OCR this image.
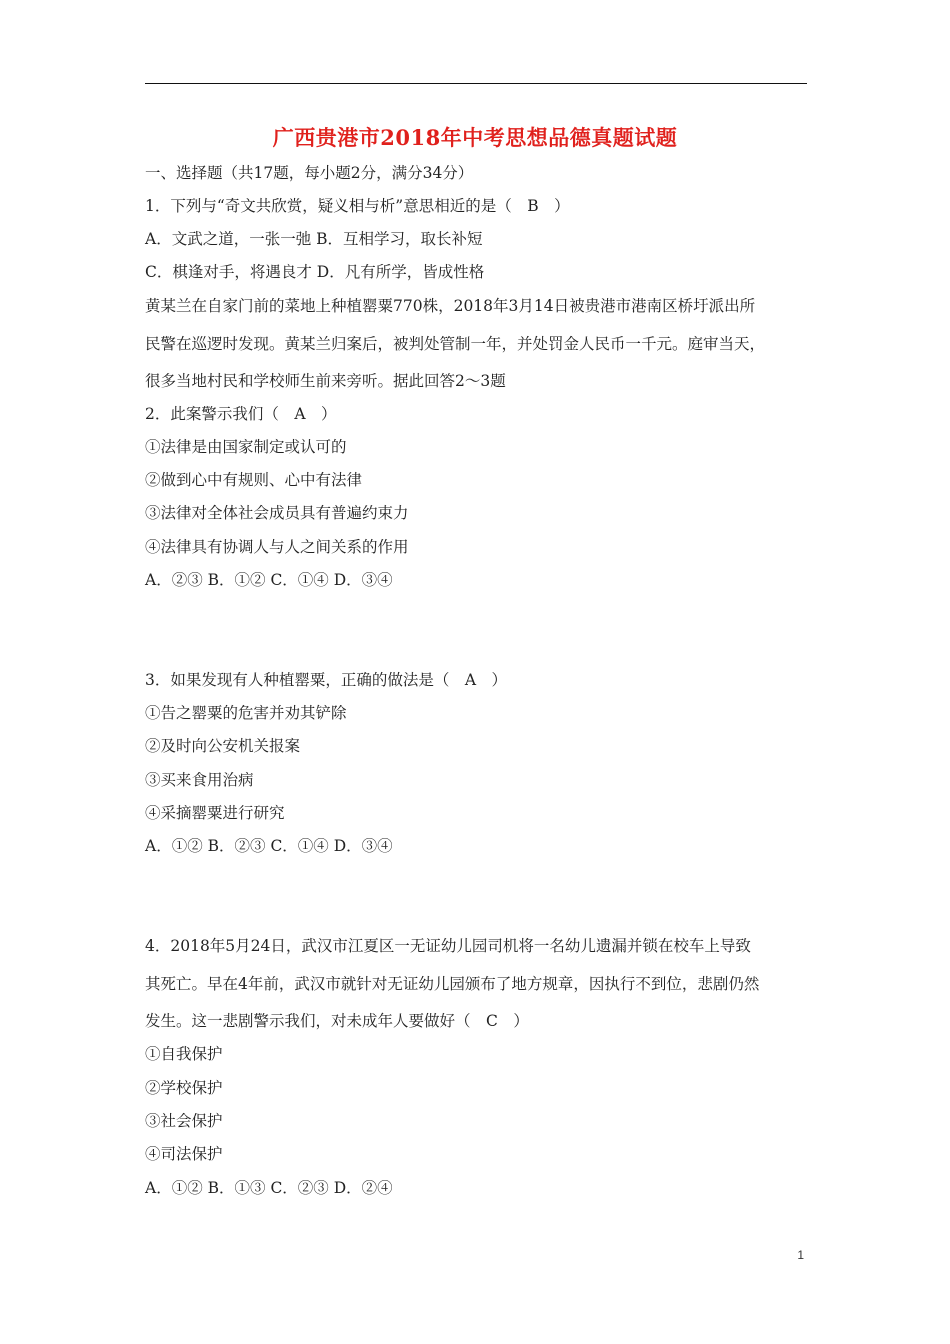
广西贵港市2018年中考思想品德真题试题
一、选择题（共17题，每小题2分，满分34分）
1．下列与“奇文共欣赏，疑义相与析”意思相近的是（　B　）
A．文武之道，一张一弛 B．互相学习，取长补短
C．棋逢对手，将遇良才 D．凡有所学，皆成性格
黄某兰在自家门前的菜地上种植罂粟770株，2018年3月14日被贵港市港南区桥圩派出所
民警在巡逻时发现。黄某兰归案后，被判处管制一年，并处罚金人民币一千元。庭审当天，
很多当地村民和学校师生前来旁听。据此回答2～3题
2．此案警示我们（　A　）
①法律是由国家制定或认可的
②做到心中有规则、心中有法律
③法律对全体社会成员具有普遍约束力
④法律具有协调人与人之间关系的作用
A．②③ B．①② C．①④ D．③④
3．如果发现有人种植罂粟，正确的做法是（　A　）
①告之罂粟的危害并劝其铲除
②及时向公安机关报案
③买来食用治病
④采摘罂粟进行研究
A．①② B．②③ C．①④ D．③④
4．2018年5月24日，武汉市江夏区一无证幼儿园司机将一名幼儿遗漏并锁在校车上导致
其死亡。早在4年前，武汉市就针对无证幼儿园颁布了地方规章，因执行不到位，悲剧仍然
发生。这一悲剧警示我们，对未成年人要做好（　C　）
①自我保护
②学校保护
③社会保护
④司法保护
A．①② B．①③ C．②③ D．②④
1
